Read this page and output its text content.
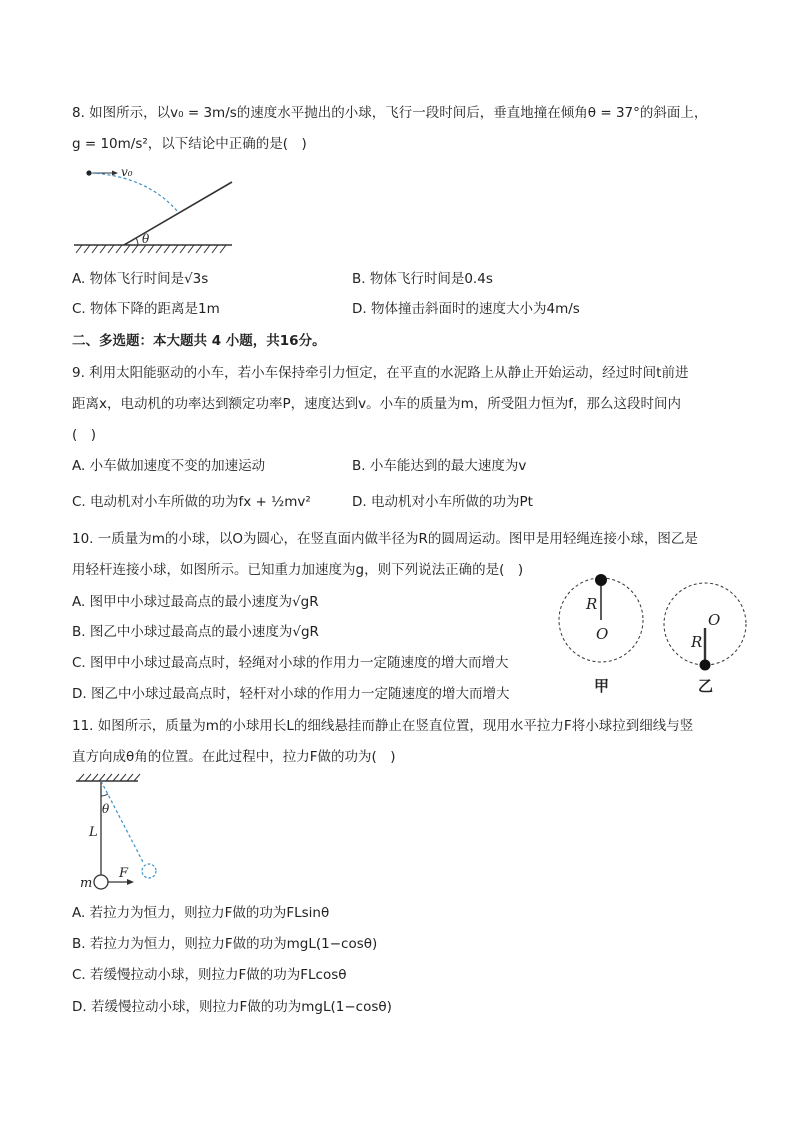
8. 如图所示，以v₀ = 3m/s的速度水平抛出的小球，飞行一段时间后，垂直地撞在倾角θ = 37°的斜面上，
g = 10m/s²，以下结论中正确的是(　)
θ
v₀
A. 物体飞行时间是√3s	B. 物体飞行时间是0.4s
C. 物体下降的距离是1m	D. 物体撞击斜面时的速度大小为4m/s
二、多选题：本大题共 4 小题，共16分。
9. 利用太阳能驱动的小车，若小车保持牵引力恒定，在平直的水泥路上从静止开始运动，经过时间t前进
距离x，电动机的功率达到额定功率P，速度达到v。小车的质量为m，所受阻力恒为f，那么这段时间内
(　)
A. 小车做加速度不变的加速运动	B. 小车能达到的最大速度为v
C. 电动机对小车所做的功为fx + ½mv²	D. 电动机对小车所做的功为Pt
10. 一质量为m的小球，以O为圆心，在竖直面内做半径为R的圆周运动。图甲是用轻绳连接小球，图乙是
用轻杆连接小球，如图所示。已知重力加速度为g，则下列说法正确的是(　)
A. 图甲中小球过最高点的最小速度为√gR
B. 图乙中小球过最高点的最小速度为√gR
C. 图甲中小球过最高点时，轻绳对小球的作用力一定随速度的增大而增大
D. 图乙中小球过最高点时，轻杆对小球的作用力一定随速度的增大而增大
R
O
甲
O
R
乙
11. 如图所示，质量为m的小球用长L的细线悬挂而静止在竖直位置，现用水平拉力F将小球拉到细线与竖
直方向成θ角的位置。在此过程中，拉力F做的功为(　)
θ
L
m
F
A. 若拉力为恒力，则拉力F做的功为FLsinθ
B. 若拉力为恒力，则拉力F做的功为mgL(1−cosθ)
C. 若缓慢拉动小球，则拉力F做的功为FLcosθ
D. 若缓慢拉动小球，则拉力F做的功为mgL(1−cosθ)
